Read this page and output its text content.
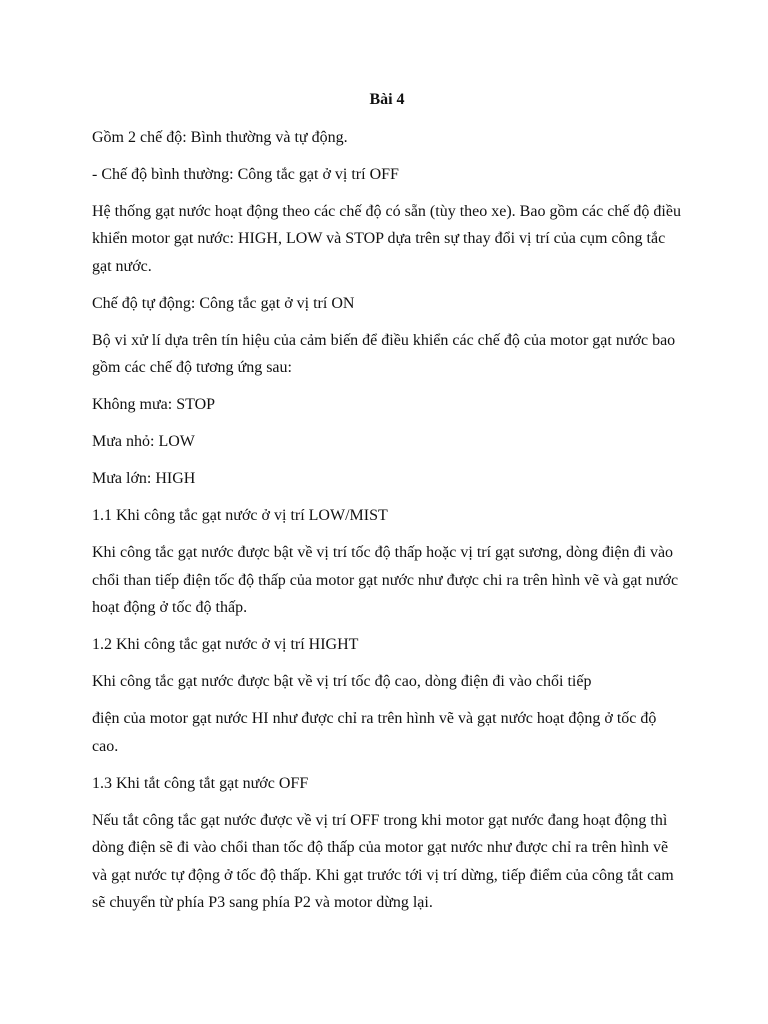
Bài 4
Gồm 2 chế độ: Bình thường và tự động.
- Chế độ bình thường: Công tắc gạt ở vị trí OFF
Hệ thống gạt nước hoạt động theo các chế độ có sẵn (tùy theo xe). Bao gồm các chế độ điều khiển motor gạt nước: HIGH, LOW và STOP dựa trên sự thay đổi vị trí của cụm công tắc gạt nước.
Chế độ tự động: Công tắc gạt ở vị trí ON
Bộ vi xử lí dựa trên tín hiệu của cảm biến để điều khiển các chế độ của motor gạt nước bao gồm các chế độ tương ứng sau:
Không mưa: STOP
Mưa nhỏ: LOW
Mưa lớn: HIGH
1.1 Khi công tắc gạt nước ở vị trí LOW/MIST
Khi công tắc gạt nước được bật về vị trí tốc độ thấp hoặc vị trí gạt sương, dòng điện đi vào chổi than tiếp điện tốc độ thấp của motor gạt nước như được chi ra trên hình vẽ và gạt nước hoạt động ở tốc độ thấp.
1.2 Khi công tắc gạt nước ở vị trí HIGHT
Khi công tắc gạt nước được bật về vị trí tốc độ cao, dòng điện đi vào chổi tiếp
điện của motor gạt nước HI như được chỉ ra trên hình vẽ và gạt nước hoạt động ở tốc độ cao.
1.3 Khi tắt công tắt gạt nước OFF
Nếu tắt công tắc gạt nước được về vị trí OFF trong khi motor gạt nước đang hoạt động thì dòng điện sẽ đi vào chổi than tốc độ thấp của motor gạt nước như được chỉ ra trên hình vẽ và gạt nước tự động ở tốc độ thấp. Khi gạt trước tới vị trí dừng, tiếp điểm của công tắt cam sẽ chuyển từ phía P3 sang phía P2 và motor dừng lại.
